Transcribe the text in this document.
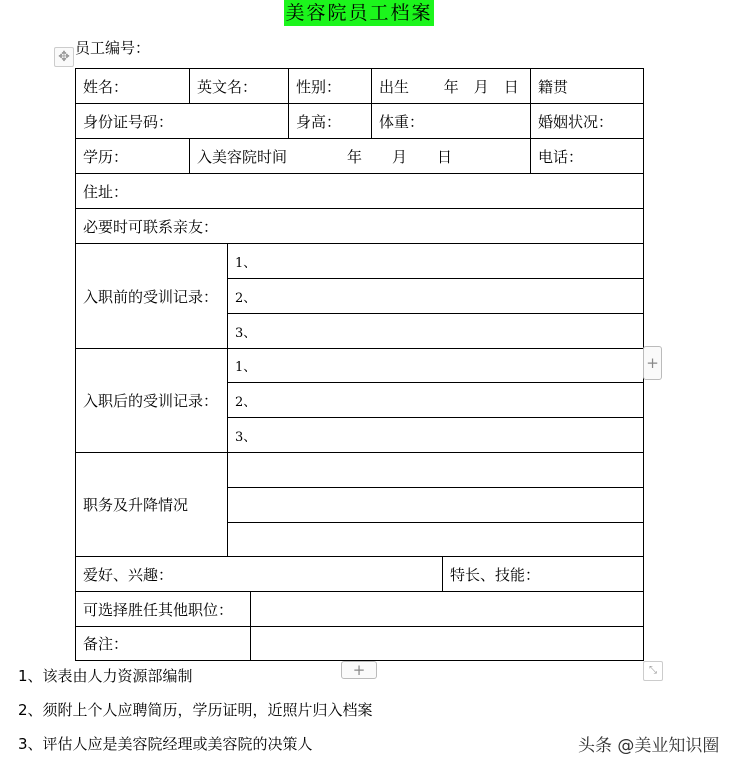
美容院员工档案
员工编号：
✥
姓名：	英文名：	性别：	出生　　 年　月　日	籍贯
身份证号码：	身高：	体重：	婚姻状况：
学历：	入美容院时间　　　　年　　月　　日	电话：
住址：
必要时可联系亲友：
入职前的受训记录：
1、
2、
3、
入职后的受训记录：
1、
2、
3、
职务及升降情况
爱好、兴趣：	特长、技能：
可选择胜任其他职位：
备注：
+
+	⤡
1、该表由人力资源部编制
2、须附上个人应聘简历，学历证明，近照片归入档案
3、评估人应是美容院经理或美容院的决策人	头条 @美业知识圈
